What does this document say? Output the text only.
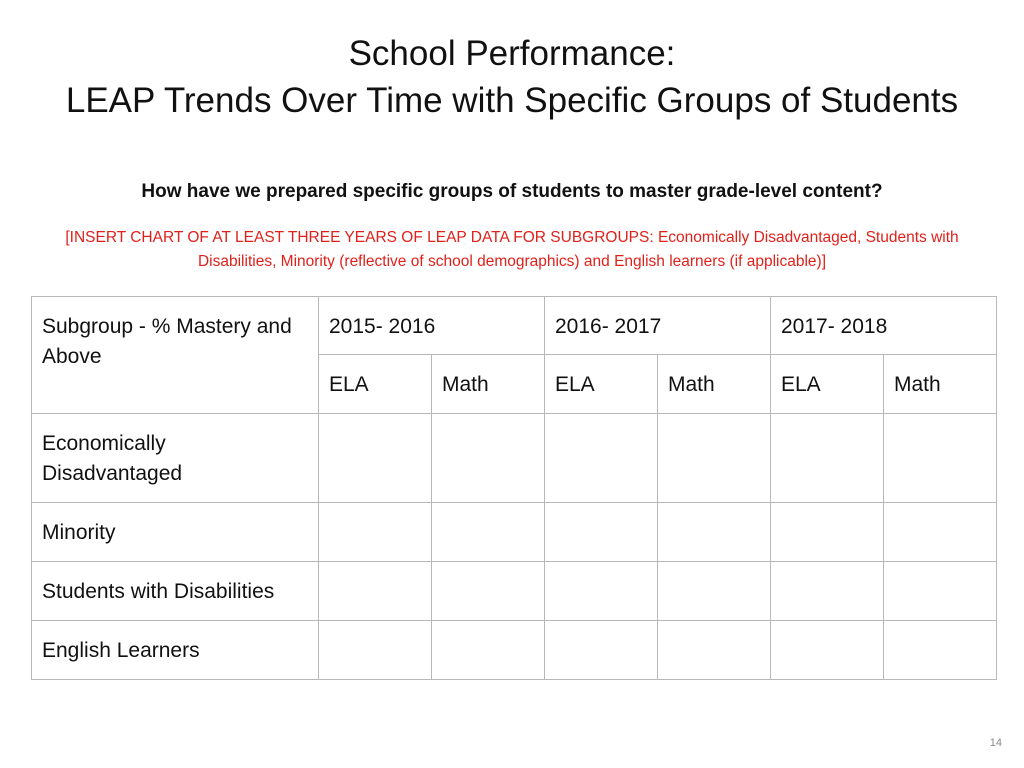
School Performance:
LEAP Trends Over Time with Specific Groups of Students
How have we prepared specific groups of students to master grade-level content?
[INSERT CHART OF AT LEAST THREE YEARS OF LEAP DATA FOR SUBGROUPS: Economically Disadvantaged, Students with Disabilities, Minority (reflective of school demographics) and English learners (if applicable)]
Subgroup - % Mastery and Above	2015- 2016		2016- 2017		2017- 2018	
	ELA	Math	ELA	Math	ELA	Math
Economically Disadvantaged						
Minority						
Students with Disabilities						
English Learners						
14
